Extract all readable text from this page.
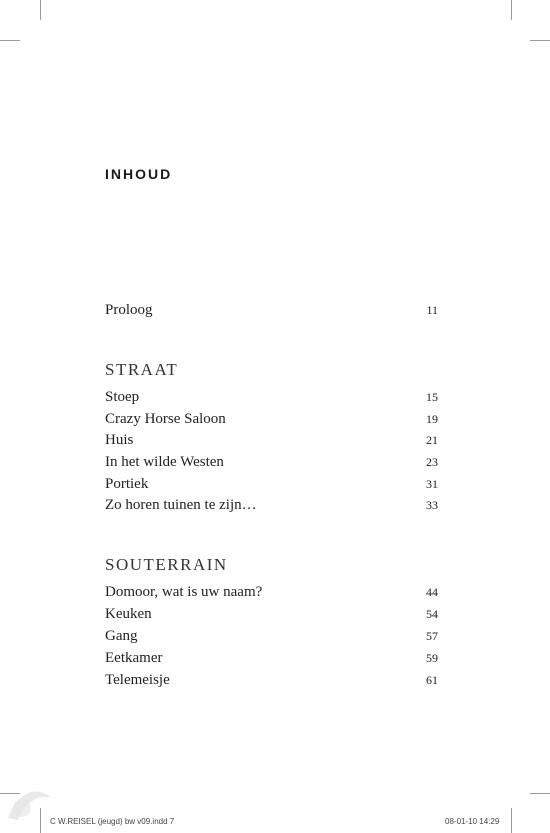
INHOUD
Proloog	11
STRAAT
Stoep	15
Crazy Horse Saloon	19
Huis	21
In het wilde Westen	23
Portiek	31
Zo horen tuinen te zijn…	33
SOUTERRAIN
Domoor, wat is uw naam?	44
Keuken	54
Gang	57
Eetkamer	59
Telemeisje	61
C W.REISEL (jeugd) bw v09.indd 7	08-01-10 14:29
